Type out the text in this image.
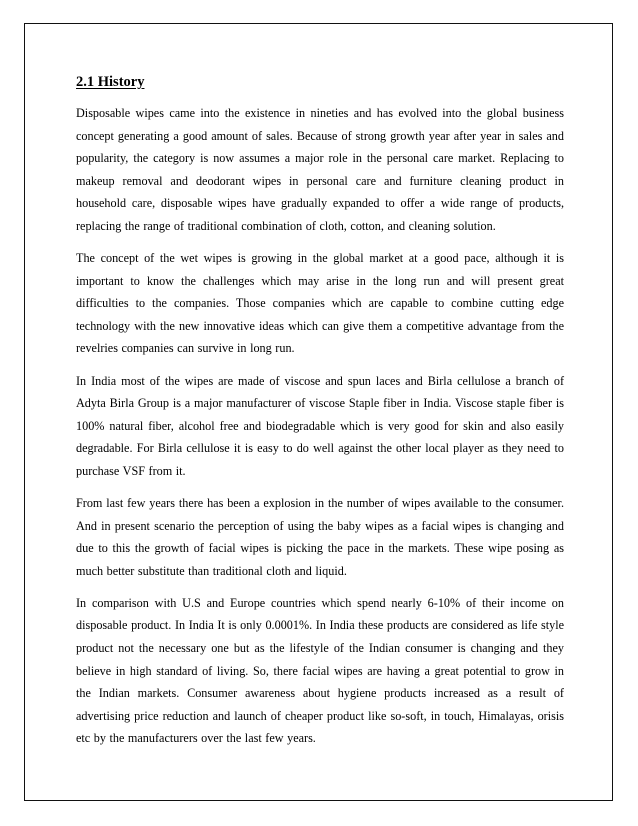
2.1 History

Disposable wipes came into the existence in nineties and has evolved into the global business concept generating a good amount of sales. Because of strong growth year after year in sales and popularity, the category is now assumes a major role in the personal care market. Replacing to makeup removal and deodorant wipes in personal care and furniture cleaning product in household care, disposable wipes have gradually expanded to offer a wide range of products, replacing the range of traditional combination of cloth, cotton, and cleaning solution.

The concept of the wet wipes is growing in the global market at a good pace, although it is important to know the challenges which may arise in the long run and will present great difficulties to the companies. Those companies which are capable to combine cutting edge technology with the new innovative ideas which can give them a competitive advantage from the revelries companies can survive in long run.

In India most of the wipes are made of viscose and spun laces and Birla cellulose a branch of Adyta Birla Group is a major manufacturer of viscose Staple fiber in India. Viscose staple fiber is 100% natural fiber, alcohol free and biodegradable which is very good for skin and also easily degradable. For Birla cellulose it is easy to do well against the other local player as they need to purchase VSF from it.

From last few years there has been a explosion in the number of wipes available to the consumer. And in present scenario the perception of using the baby wipes as a facial wipes is changing and due to this the growth of facial wipes is picking the pace in the markets. These wipe posing as much better substitute than traditional cloth and liquid.

In comparison with U.S and Europe countries which spend nearly 6-10% of their income on disposable product. In India It is only 0.0001%. In India these products are considered as life style product not the necessary one but as the lifestyle of the Indian consumer is changing and they believe in high standard of living. So, there facial wipes are having a great potential to grow in the Indian markets. Consumer awareness about hygiene products increased as a result of advertising price reduction and launch of cheaper product like so-soft, in touch, Himalayas, orisis etc by the manufacturers over the last few years.
